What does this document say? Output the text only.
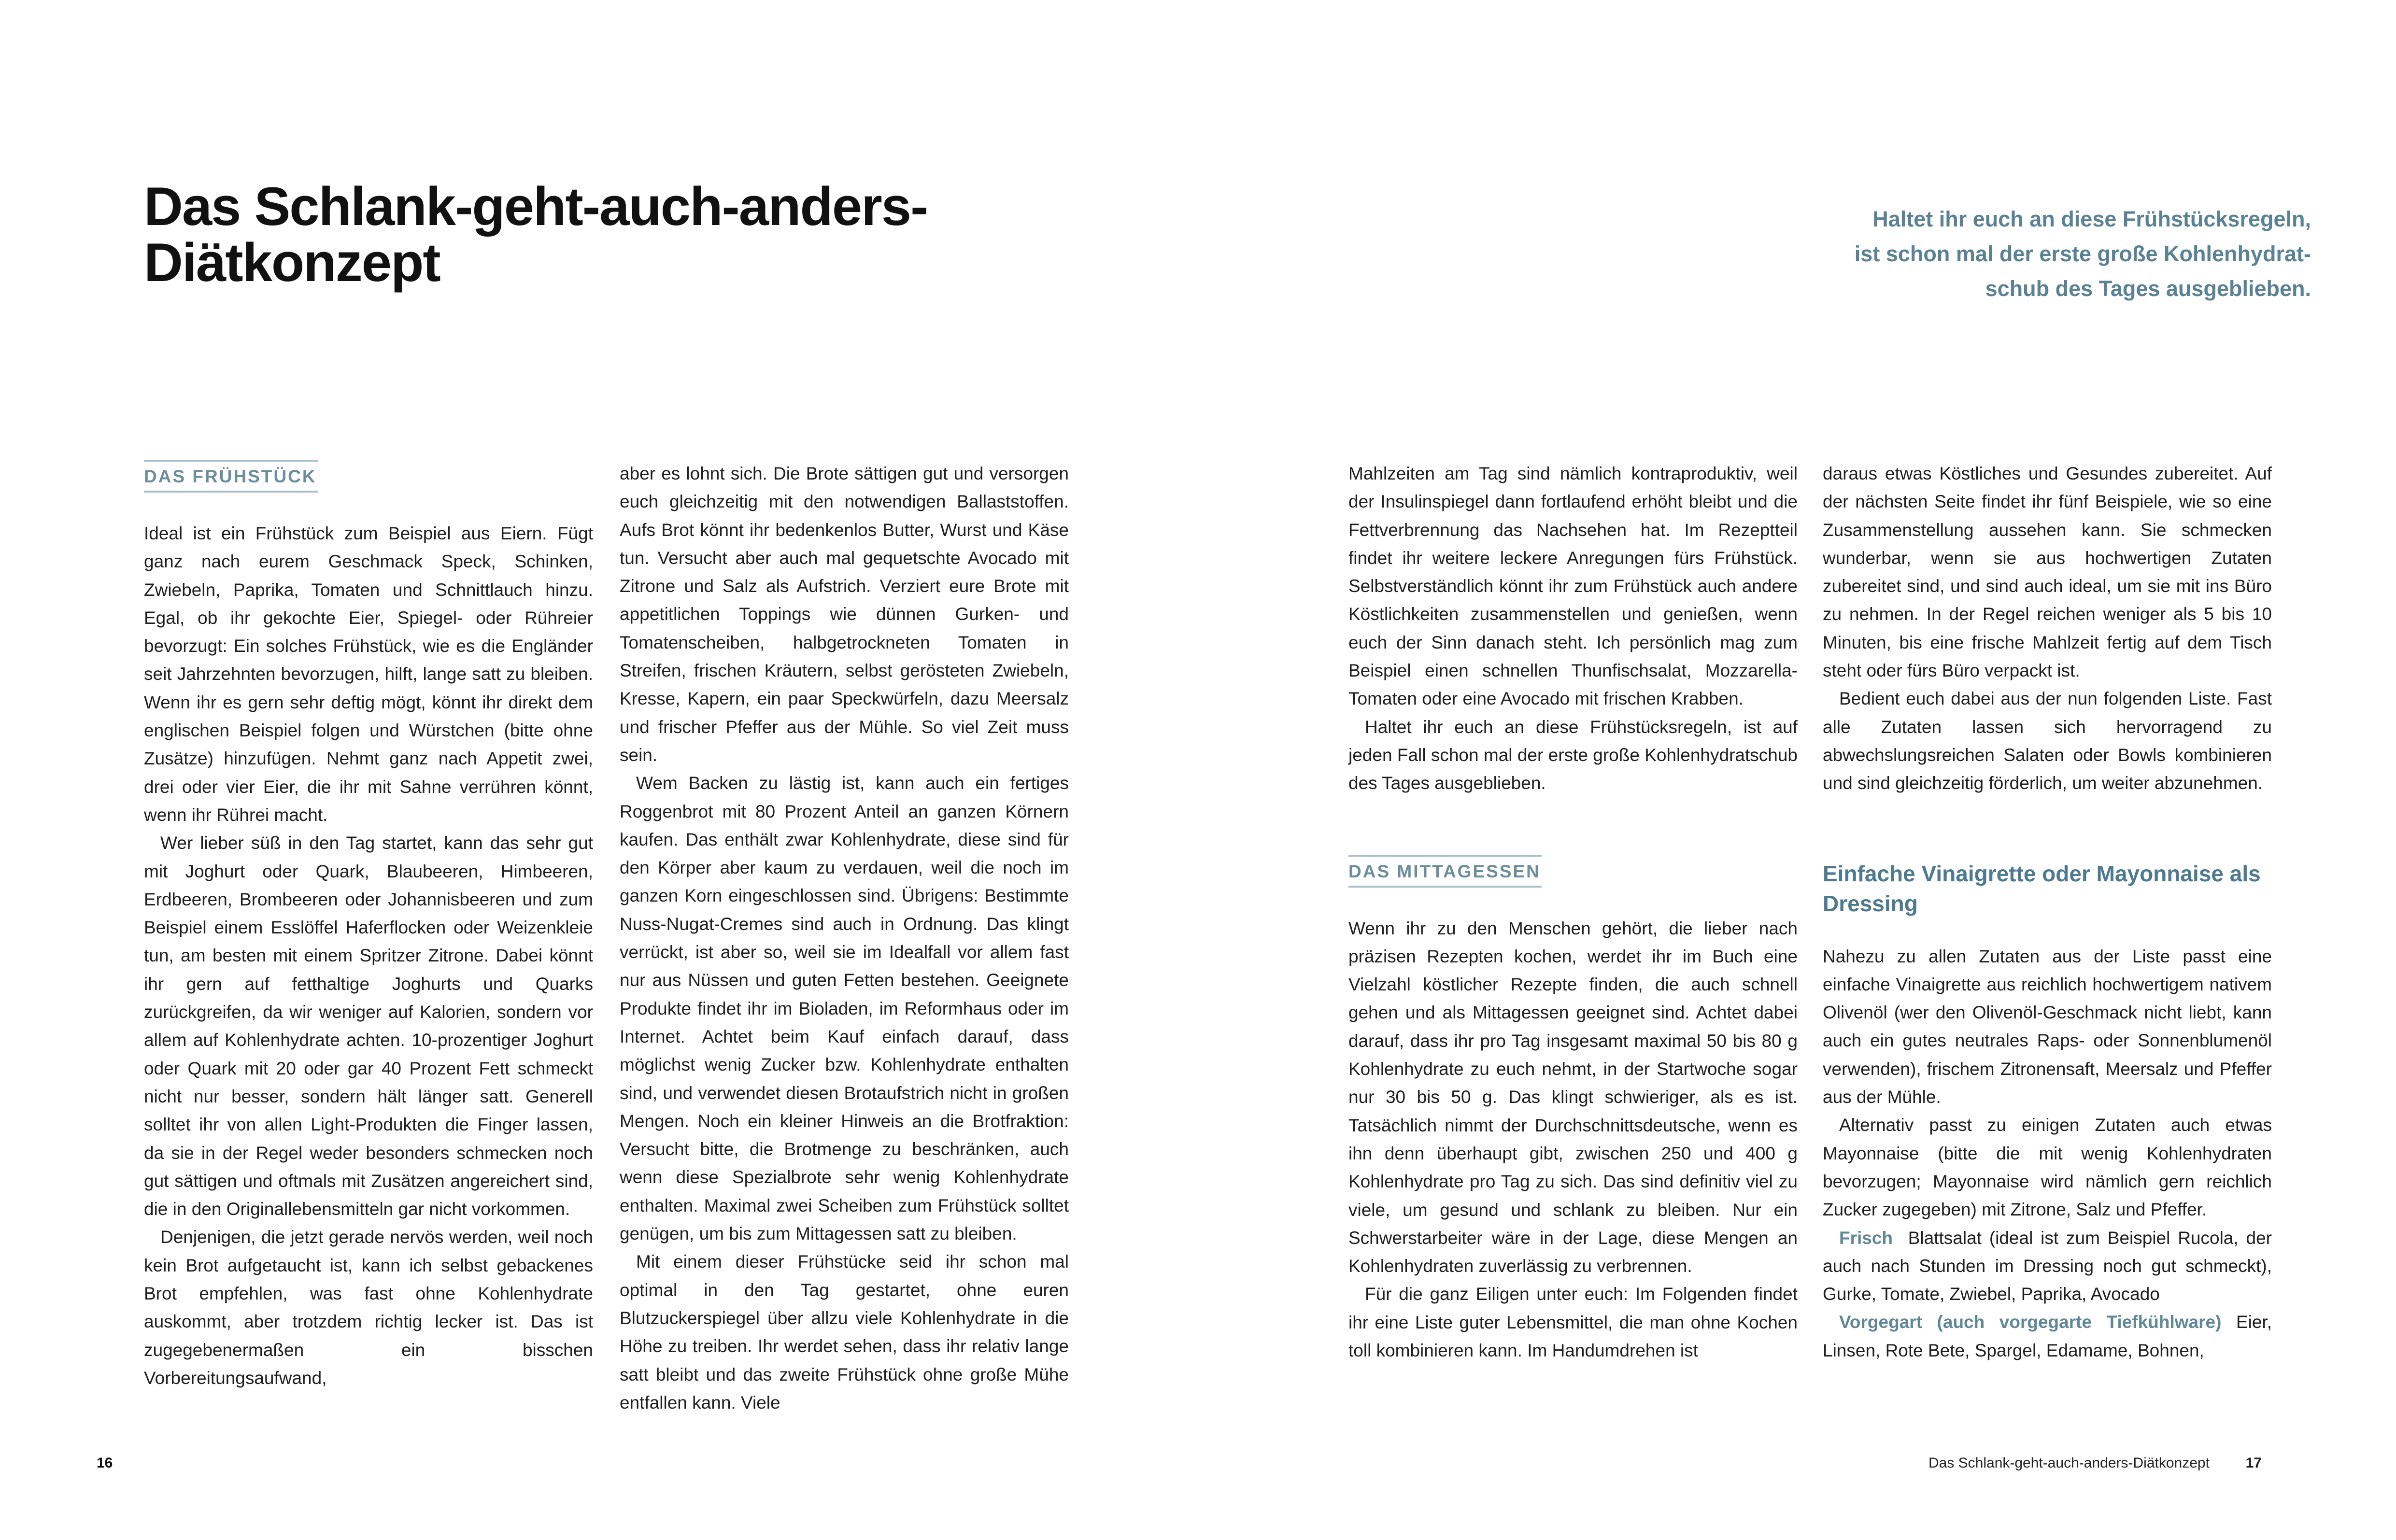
Das Schlank-geht-auch-anders-
Diätkonzept

Haltet ihr euch an diese Frühstücksregeln,
ist schon mal der erste große Kohlenhydrat-
schub des Tages ausgeblieben.

DAS FRÜHSTÜCK

Ideal ist ein Frühstück zum Beispiel aus Eiern. Fügt ganz nach eurem Geschmack Speck, Schinken, Zwiebeln, Paprika, Tomaten und Schnittlauch hinzu. Egal, ob ihr gekochte Eier, Spiegel- oder Rühreier bevorzugt: Ein solches Frühstück, wie es die Engländer seit Jahrzehnten bevorzugen, hilft, lange satt zu bleiben. Wenn ihr es gern sehr deftig mögt, könnt ihr direkt dem englischen Beispiel folgen und Würstchen (bitte ohne Zusätze) hinzufügen. Nehmt ganz nach Appetit zwei, drei oder vier Eier, die ihr mit Sahne verrühren könnt, wenn ihr Rührei macht.

Wer lieber süß in den Tag startet, kann das sehr gut mit Joghurt oder Quark, Blaubeeren, Himbeeren, Erdbeeren, Brombeeren oder Johannisbeeren und zum Beispiel einem Esslöffel Haferflocken oder Weizenkleie tun, am besten mit einem Spritzer Zitrone. Dabei könnt ihr gern auf fetthaltige Joghurts und Quarks zurückgreifen, da wir weniger auf Kalorien, sondern vor allem auf Kohlenhydrate achten. 10-prozentiger Joghurt oder Quark mit 20 oder gar 40 Prozent Fett schmeckt nicht nur besser, sondern hält länger satt. Generell solltet ihr von allen Light-Produkten die Finger lassen, da sie in der Regel weder besonders schmecken noch gut sättigen und oftmals mit Zusätzen angereichert sind, die in den Originallebensmitteln gar nicht vorkommen.

Denjenigen, die jetzt gerade nervös werden, weil noch kein Brot aufgetaucht ist, kann ich selbst gebackenes Brot empfehlen, was fast ohne Kohlenhydrate auskommt, aber trotzdem richtig lecker ist. Das ist zugegebenermaßen ein bisschen Vorbereitungsaufwand,

aber es lohnt sich. Die Brote sättigen gut und versorgen euch gleichzeitig mit den notwendigen Ballaststoffen. Aufs Brot könnt ihr bedenkenlos Butter, Wurst und Käse tun. Versucht aber auch mal gequetschte Avocado mit Zitrone und Salz als Aufstrich. Verziert eure Brote mit appetitlichen Toppings wie dünnen Gurken- und Tomatenscheiben, halbgetrockneten Tomaten in Streifen, frischen Kräutern, selbst gerösteten Zwiebeln, Kresse, Kapern, ein paar Speckwürfeln, dazu Meersalz und frischer Pfeffer aus der Mühle. So viel Zeit muss sein.

Wem Backen zu lästig ist, kann auch ein fertiges Roggenbrot mit 80 Prozent Anteil an ganzen Körnern kaufen. Das enthält zwar Kohlenhydrate, diese sind für den Körper aber kaum zu verdauen, weil die noch im ganzen Korn eingeschlossen sind. Übrigens: Bestimmte Nuss-Nugat-Cremes sind auch in Ordnung. Das klingt verrückt, ist aber so, weil sie im Idealfall vor allem fast nur aus Nüssen und guten Fetten bestehen. Geeignete Produkte findet ihr im Bioladen, im Reformhaus oder im Internet. Achtet beim Kauf einfach darauf, dass möglichst wenig Zucker bzw. Kohlenhydrate enthalten sind, und verwendet diesen Brotaufstrich nicht in großen Mengen. Noch ein kleiner Hinweis an die Brotfraktion: Versucht bitte, die Brotmenge zu beschränken, auch wenn diese Spezialbrote sehr wenig Kohlenhydrate enthalten. Maximal zwei Scheiben zum Frühstück solltet genügen, um bis zum Mittagessen satt zu bleiben.

Mit einem dieser Frühstücke seid ihr schon mal optimal in den Tag gestartet, ohne euren Blutzuckerspiegel über allzu viele Kohlenhydrate in die Höhe zu treiben. Ihr werdet sehen, dass ihr relativ lange satt bleibt und das zweite Frühstück ohne große Mühe entfallen kann. Viele

Mahlzeiten am Tag sind nämlich kontraproduktiv, weil der Insulinspiegel dann fortlaufend erhöht bleibt und die Fettverbrennung das Nachsehen hat. Im Rezeptteil findet ihr weitere leckere Anregungen fürs Frühstück. Selbstverständlich könnt ihr zum Frühstück auch andere Köstlichkeiten zusammenstellen und genießen, wenn euch der Sinn danach steht. Ich persönlich mag zum Beispiel einen schnellen Thunfischsalat, Mozzarella-Tomaten oder eine Avocado mit frischen Krabben.

Haltet ihr euch an diese Frühstücksregeln, ist auf jeden Fall schon mal der erste große Kohlenhydratschub des Tages ausgeblieben.

DAS MITTAGESSEN

Wenn ihr zu den Menschen gehört, die lieber nach präzisen Rezepten kochen, werdet ihr im Buch eine Vielzahl köstlicher Rezepte finden, die auch schnell gehen und als Mittagessen geeignet sind. Achtet dabei darauf, dass ihr pro Tag insgesamt maximal 50 bis 80 g Kohlenhydrate zu euch nehmt, in der Startwoche sogar nur 30 bis 50 g. Das klingt schwieriger, als es ist. Tatsächlich nimmt der Durchschnittsdeutsche, wenn es ihn denn überhaupt gibt, zwischen 250 und 400 g Kohlenhydrate pro Tag zu sich. Das sind definitiv viel zu viele, um gesund und schlank zu bleiben. Nur ein Schwerstarbeiter wäre in der Lage, diese Mengen an Kohlenhydraten zuverlässig zu verbrennen.

Für die ganz Eiligen unter euch: Im Folgenden findet ihr eine Liste guter Lebensmittel, die man ohne Kochen toll kombinieren kann. Im Handumdrehen ist

daraus etwas Köstliches und Gesundes zubereitet. Auf der nächsten Seite findet ihr fünf Beispiele, wie so eine Zusammenstellung aussehen kann. Sie schmecken wunderbar, wenn sie aus hochwertigen Zutaten zubereitet sind, und sind auch ideal, um sie mit ins Büro zu nehmen. In der Regel reichen weniger als 5 bis 10 Minuten, bis eine frische Mahlzeit fertig auf dem Tisch steht oder fürs Büro verpackt ist.

Bedient euch dabei aus der nun folgenden Liste. Fast alle Zutaten lassen sich hervorragend zu abwechslungsreichen Salaten oder Bowls kombinieren und sind gleichzeitig förderlich, um weiter abzunehmen.

Einfache Vinaigrette oder Mayonnaise als Dressing

Nahezu zu allen Zutaten aus der Liste passt eine einfache Vinaigrette aus reichlich hochwertigem nativem Olivenöl (wer den Olivenöl-Geschmack nicht liebt, kann auch ein gutes neutrales Raps- oder Sonnenblumenöl verwenden), frischem Zitronensaft, Meersalz und Pfeffer aus der Mühle.

Alternativ passt zu einigen Zutaten auch etwas Mayonnaise (bitte die mit wenig Kohlenhydraten bevorzugen; Mayonnaise wird nämlich gern reichlich Zucker zugegeben) mit Zitrone, Salz und Pfeffer.

Frisch Blattsalat (ideal ist zum Beispiel Rucola, der auch nach Stunden im Dressing noch gut schmeckt), Gurke, Tomate, Zwiebel, Paprika, Avocado

Vorgegart (auch vorgegarte Tiefkühlware) Eier, Linsen, Rote Bete, Spargel, Edamame, Bohnen,

16	Das Schlank-geht-auch-anders-Diätkonzept 17
